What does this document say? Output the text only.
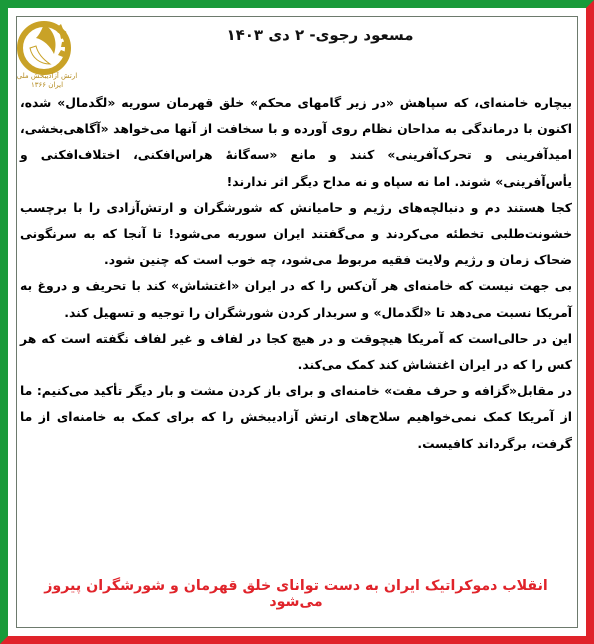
ارتش آزادیبخش ملی ایران ۱۳۶۶
مسعود رجوی- ۲ دی ۱۴۰۳

بیچاره خامنه‌ای، که سپاهش «در زیر گامهای محکم» خلق قهرمان سوریه «لگدمال» شده، اکنون با درماندگی به مداحان نظام روی آورده و با سخافت از آنها می‌خواهد «آگاهی‌بخشی، امیدآفرینی و تحرک‌آفرینی» کنند و مانع «سه‌گانهٔ هراس‌افکنی، اختلاف‌افکنی و یأس‌آفرینی» شوند. اما نه سپاه و نه مداح دیگر اثر ندارند!

کجا هستند دم و دنبالچه‌های رژیم و حامیانش که شورشگران و ارتش‌آزادی را با برچسب خشونت‌طلبی تخطئه می‌کردند و می‌گفتند ایران سوریه می‌شود! تا آنجا که به سرنگونی ضحاک زمان و رژیم ولایت فقیه مربوط می‌شود، چه خوب است که چنین شود.

بی جهت نیست که خامنه‌ای هر آن‌کس را که در ایران «اغتشاش» کند با تحریف و دروغ به آمریکا نسبت می‌دهد تا «لگدمال» و سربدار کردن شورشگران را توجیه و تسهیل کند.

این در حالی‌است که آمریکا هیچوقت و در هیچ کجا در لفاف و غیر لفاف نگفته است که هر کس را که در ایران اغتشاش کند کمک می‌کند.

در مقابل«گزافه و حرف مفت» خامنه‌ای و برای باز کردن مشت و بار دیگر تأکید می‌کنیم: ما از آمریکا کمک نمی‌خواهیم سلاح‌های ارتش آزادیبخش را که برای کمک به خامنه‌ای از ما گرفت، برگرداند کافیست.

انقلاب دموکراتیک ایران به دست توانای خلق قهرمان و شورشگران پیروز می‌شود
